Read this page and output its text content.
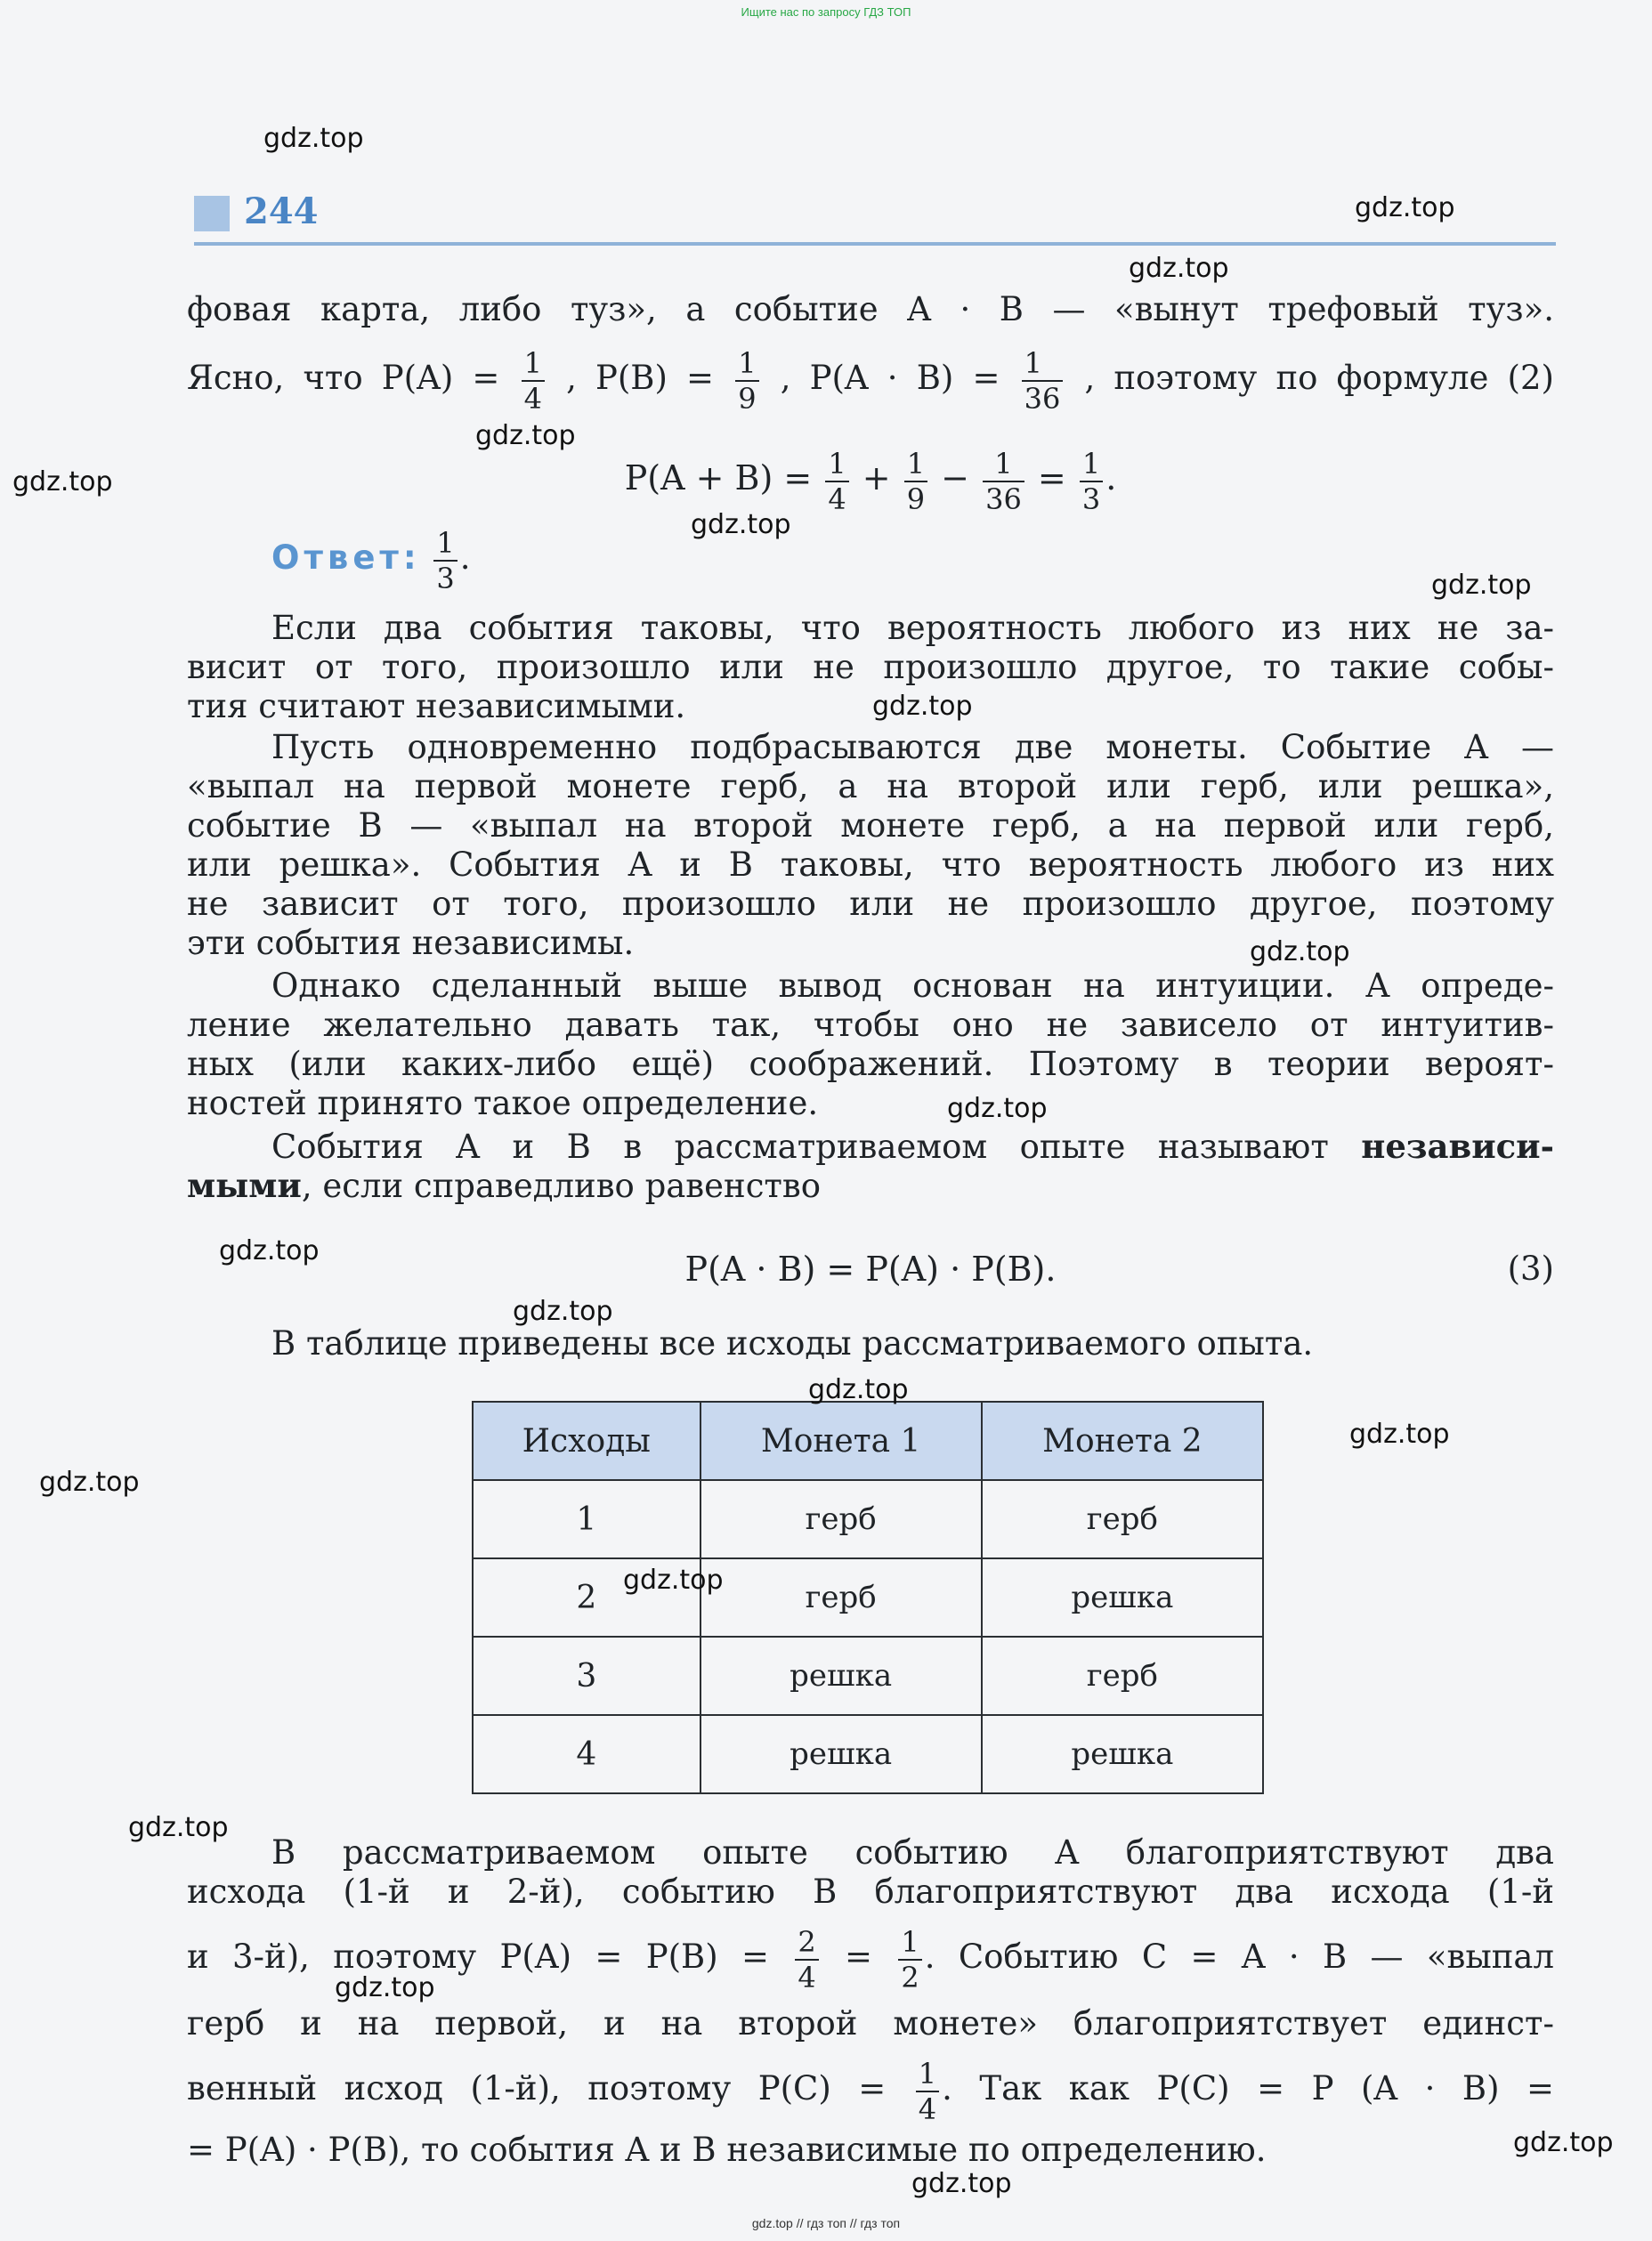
Ищите нас по запросу ГДЗ ТОП
244
фовая карта, либо туз», а событие A · B — «вынут трефовый туз».
Ясно, что $P(A) = \frac{1}{4}$ , $P(B) = \frac{1}{9}$ , $P(A \cdot B) = \frac{1}{36}$ , поэтому по формуле (2)
$P(A + B) = \frac{1}{4} + \frac{1}{9} - \frac{1}{36} = \frac{1}{3}$ .
Ответ: $\frac{1}{3}$ .
Если два события таковы, что вероятность любого из них не за-
висит от того, произошло или не произошло другое, то такие собы-
тия считают независимыми.
Пусть одновременно подбрасываются две монеты. Событие A —
«выпал на первой монете герб, а на второй или герб, или решка»,
событие B — «выпал на второй монете герб, а на первой или герб,
или решка». События A и B таковы, что вероятность любого из них
не зависит от того, произошло или не произошло другое, поэтому
эти события независимы.
Однако сделанный выше вывод основан на интуиции. А опреде-
ление желательно давать так, чтобы оно не зависело от интуитив-
ных (или каких-либо ещё) соображений. Поэтому в теории вероят-
ностей принято такое определение.
События A и B в рассматриваемом опыте называют независи-
мыми, если справедливо равенство
P(A · B) = P(A) · P(B).	(3)
В таблице приведены все исходы рассматриваемого опыта.
Исходы	Монета 1	Монета 2
1	герб	герб
2	герб	решка
3	решка	герб
4	решка	решка
В рассматриваемом опыте событию A благоприятствуют два
исхода (1-й и 2-й), событию B благоприятствуют два исхода (1-й
и 3-й), поэтому $P(A) = P(B) = \frac{2}{4} = \frac{1}{2}$ . Событию C = A · B — «выпал
герб и на первой, и на второй монете» благоприятствует единст-
венный исход (1-й), поэтому $P(C) = \frac{1}{4}$ . Так как P(C) = P (A · B) =
= P(A) · P(B), то события A и B независимые по определению.
gdz.top
gdz.top
gdz.top
gdz.top
gdz.top
gdz.top
gdz.top
gdz.top
gdz.top
gdz.top
gdz.top
gdz.top
gdz.top
gdz.top
gdz.top
gdz.top
gdz.top
gdz.top
gdz.top
gdz.top
gdz.top // гдз топ // гдз топ
